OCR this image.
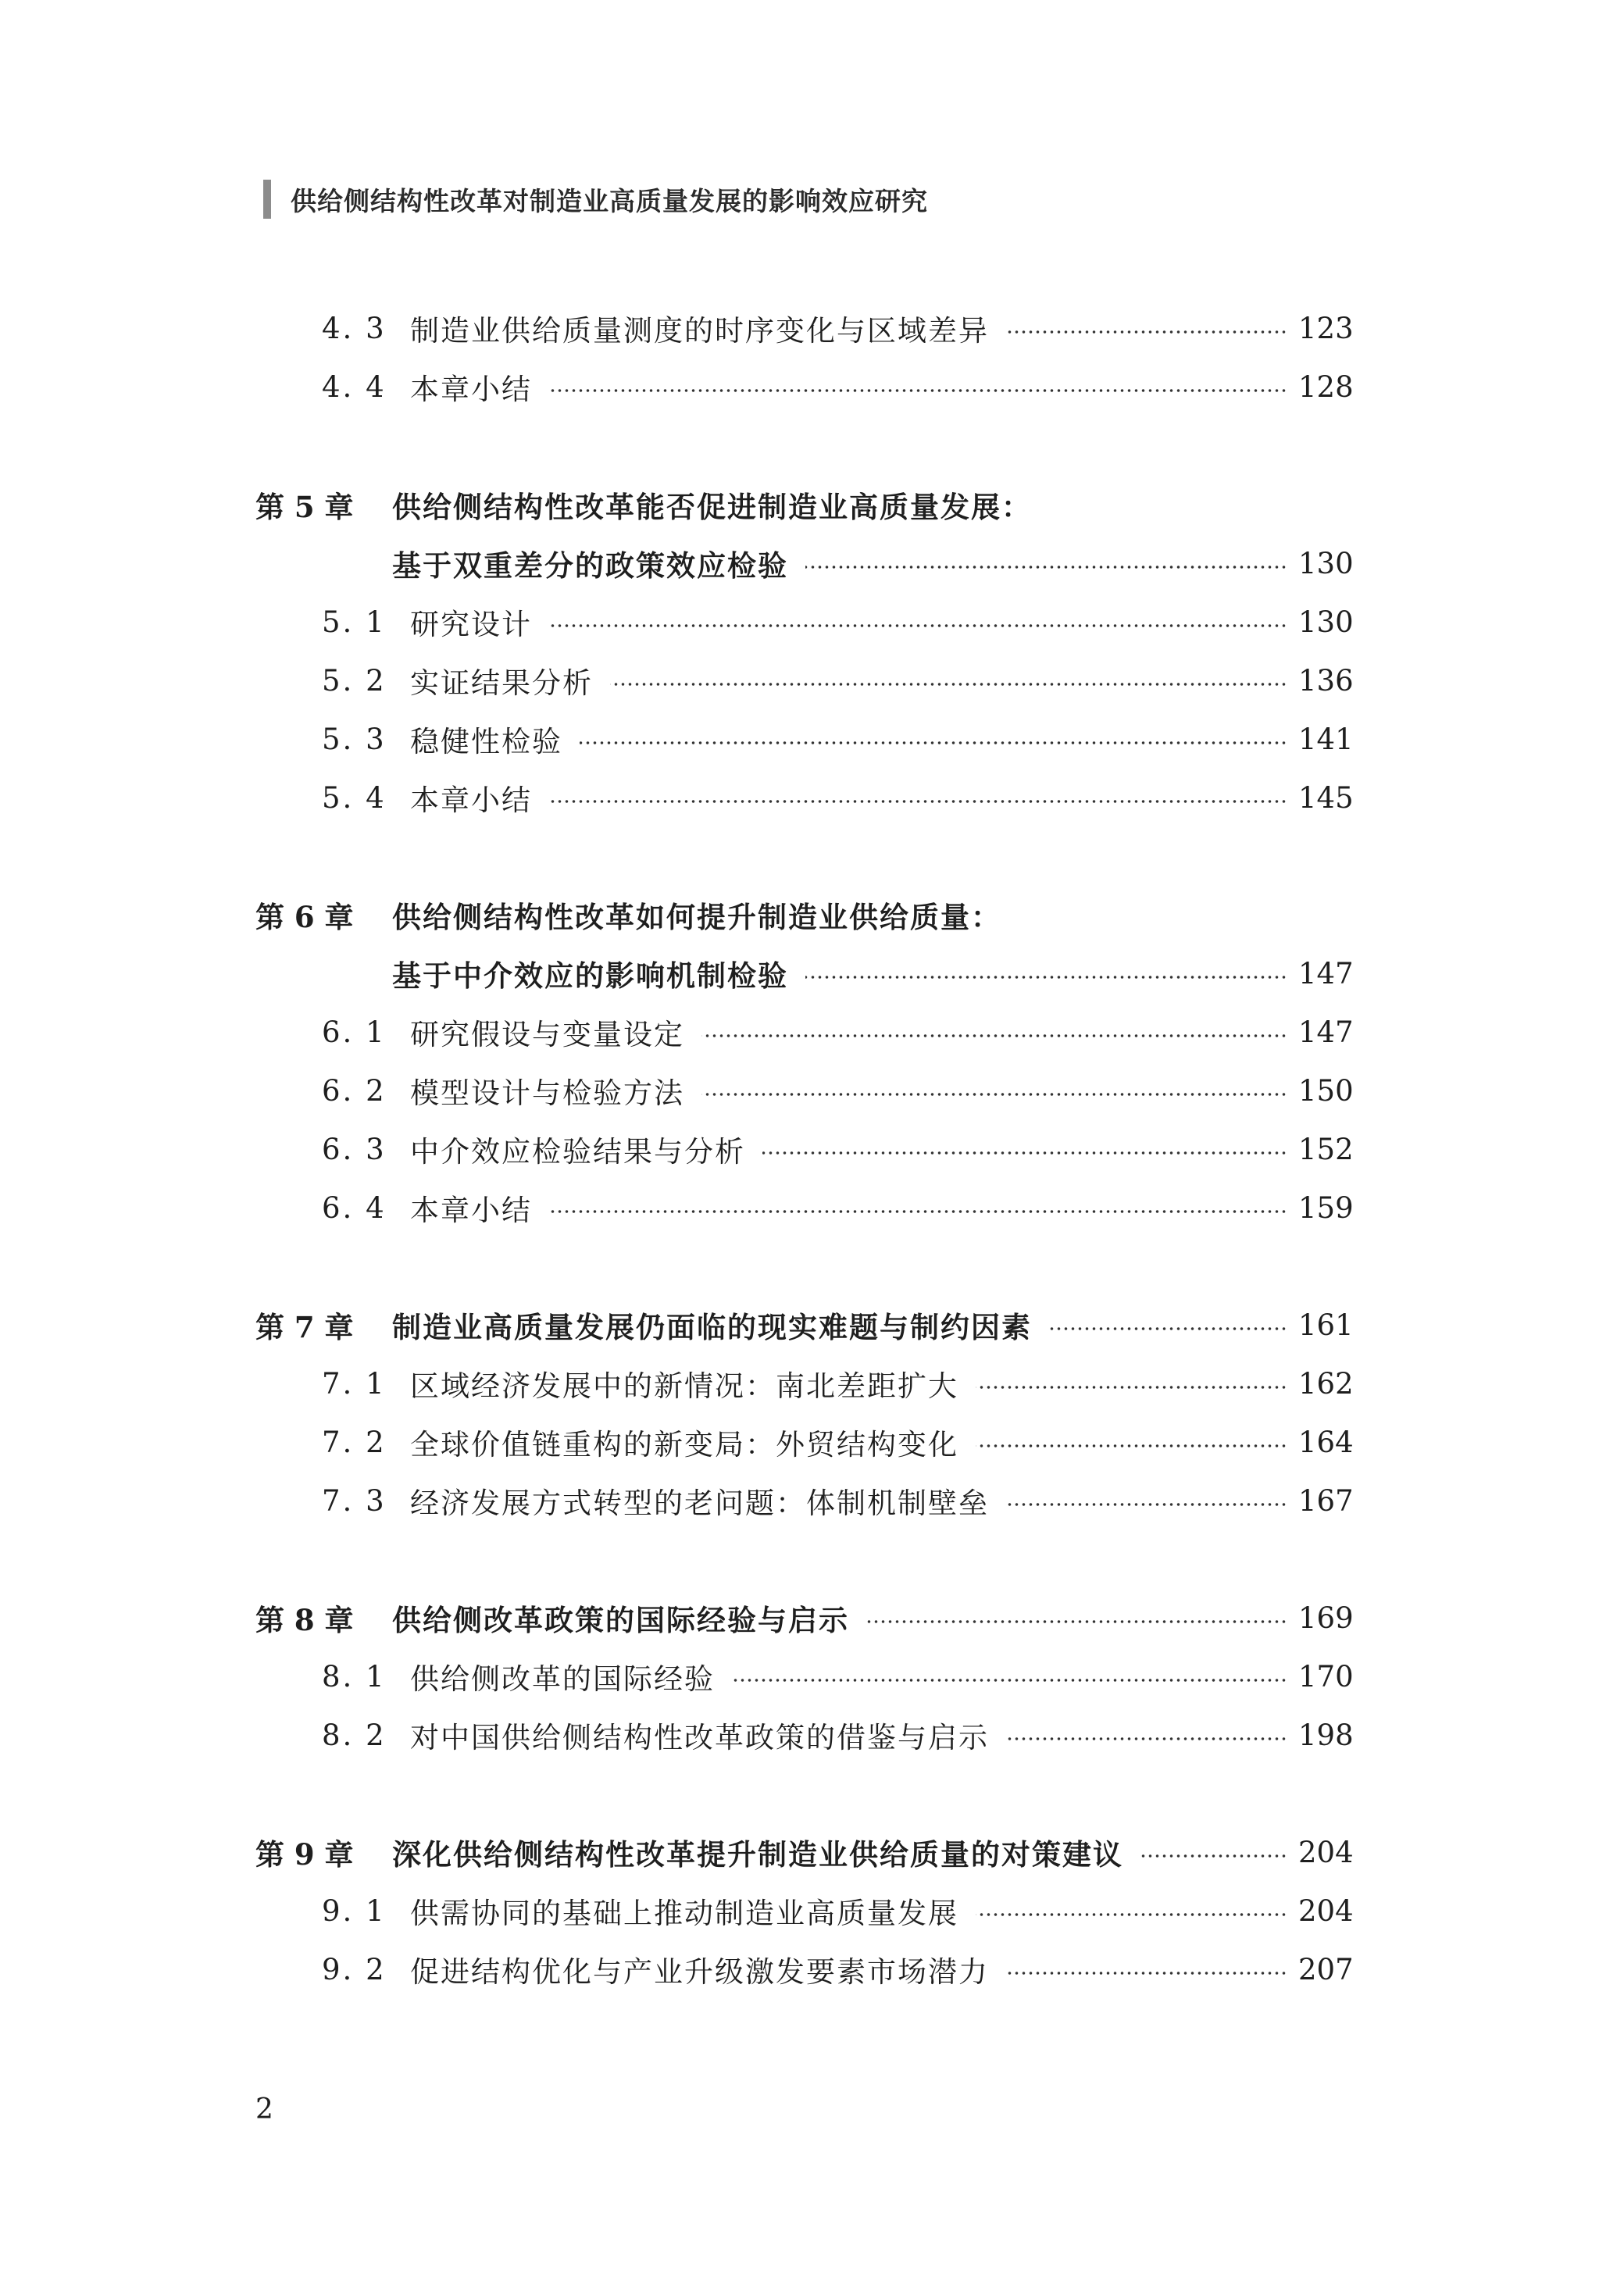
供给侧结构性改革对制造业高质量发展的影响效应研究
4. 3 制造业供给质量测度的时序变化与区域差异	123
4. 4 本章小结	128
第 5 章	供给侧结构性改革能否促进制造业高质量发展：
基于双重差分的政策效应检验	130
5. 1 研究设计	130
5. 2 实证结果分析	136
5. 3 稳健性检验	141
5. 4 本章小结	145
第 6 章	供给侧结构性改革如何提升制造业供给质量：
基于中介效应的影响机制检验	147
6. 1 研究假设与变量设定	147
6. 2 模型设计与检验方法	150
6. 3 中介效应检验结果与分析	152
6. 4 本章小结	159
第 7 章	制造业高质量发展仍面临的现实难题与制约因素	161
7. 1 区域经济发展中的新情况：南北差距扩大	162
7. 2 全球价值链重构的新变局：外贸结构变化	164
7. 3 经济发展方式转型的老问题：体制机制壁垒	167
第 8 章	供给侧改革政策的国际经验与启示	169
8. 1 供给侧改革的国际经验	170
8. 2 对中国供给侧结构性改革政策的借鉴与启示	198
第 9 章	深化供给侧结构性改革提升制造业供给质量的对策建议	204
9. 1 供需协同的基础上推动制造业高质量发展	204
9. 2 促进结构优化与产业升级激发要素市场潜力	207
2
